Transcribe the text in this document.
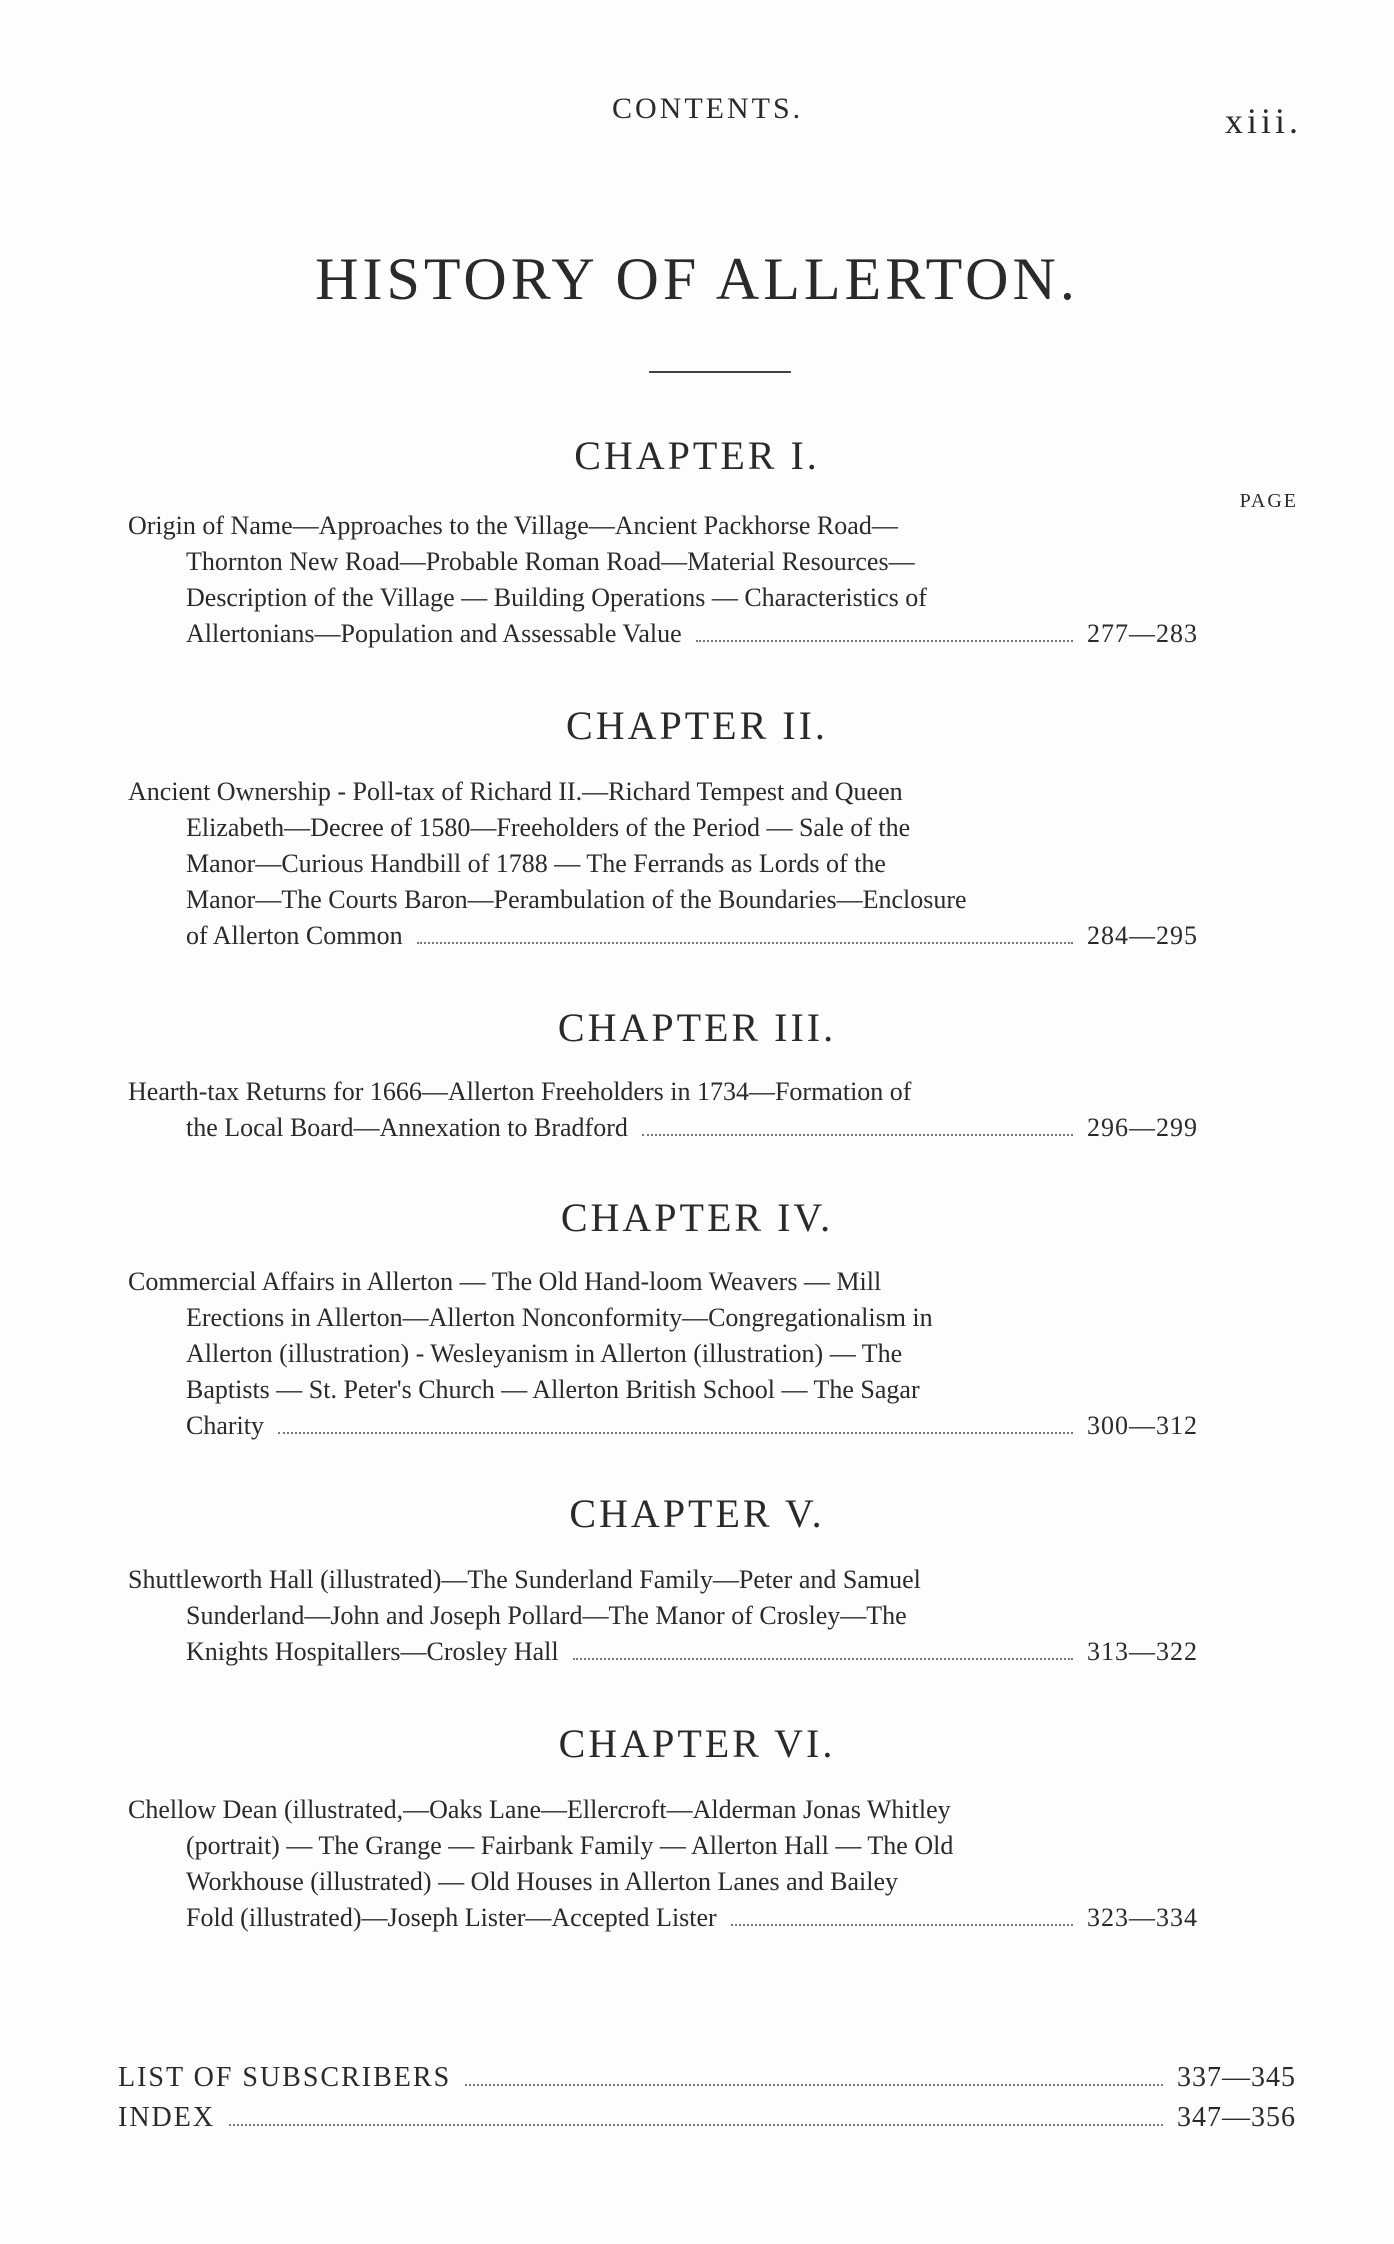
CONTENTS.	xiii.
HISTORY OF ALLERTON.
PAGE
CHAPTER I.
Origin of Name—Approaches to the Village—Ancient Packhorse Road—
Thornton New Road—Probable Roman Road—Material Resources—
Description of the Village — Building Operations — Characteristics of
Allertonians—Population and Assessable Value	277—283
CHAPTER II.
Ancient Ownership - Poll-tax of Richard II.—Richard Tempest and Queen
Elizabeth—Decree of 1580—Freeholders of the Period — Sale of the
Manor—Curious Handbill of 1788 — The Ferrands as Lords of the
Manor—The Courts Baron—Perambulation of the Boundaries—Enclosure
of Allerton Common	284—295
CHAPTER III.
Hearth-tax Returns for 1666—Allerton Freeholders in 1734—Formation of
the Local Board—Annexation to Bradford	296—299
CHAPTER IV.
Commercial Affairs in Allerton — The Old Hand-loom Weavers — Mill
Erections in Allerton—Allerton Nonconformity—Congregationalism in
Allerton (illustration) - Wesleyanism in Allerton (illustration) — The
Baptists — St. Peter's Church — Allerton British School — The Sagar
Charity	300—312
CHAPTER V.
Shuttleworth Hall (illustrated)—The Sunderland Family—Peter and Samuel
Sunderland—John and Joseph Pollard—The Manor of Crosley—The
Knights Hospitallers—Crosley Hall	313—322
CHAPTER VI.
Chellow Dean (illustrated,—Oaks Lane—Ellercroft—Alderman Jonas Whitley
(portrait) — The Grange — Fairbank Family — Allerton Hall — The Old
Workhouse (illustrated) — Old Houses in Allerton Lanes and Bailey
Fold (illustrated)—Joseph Lister—Accepted Lister	323—334
LIST OF SUBSCRIBERS	337—345
INDEX	347—356
